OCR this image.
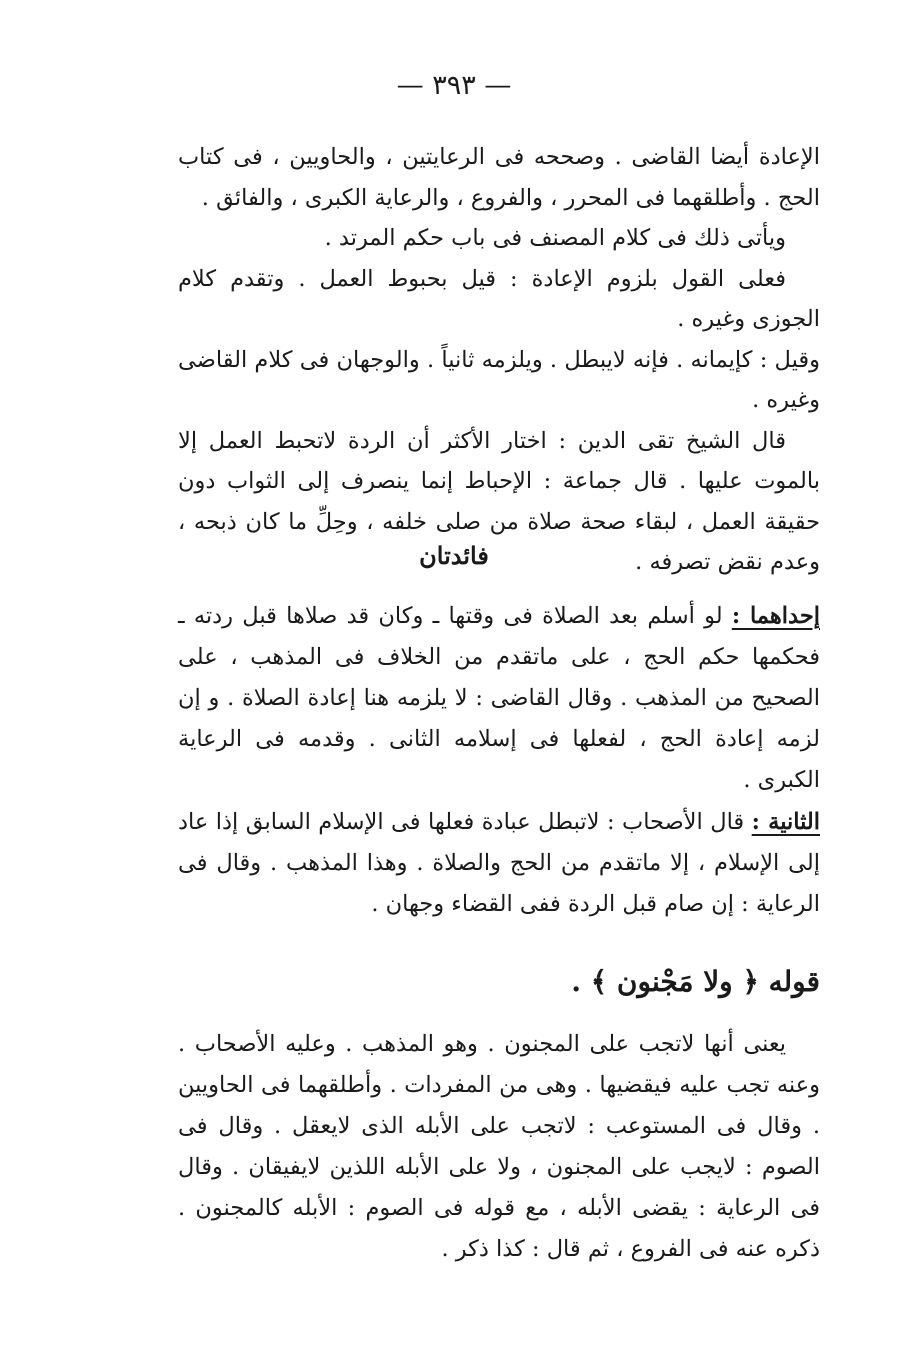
— ٣٩٣ —

الإعادة أيضا القاضى . وصححه فى الرعايتين ، والحاويين ، فى كتاب الحج . وأطلقهما فى المحرر ، والفروع ، والرعاية الكبرى ، والفائق .

ويأتى ذلك فى كلام المصنف فى باب حكم المرتد .

فعلى القول بلزوم الإعادة : قيل بحبوط العمل . وتقدم كلام الجوزى وغيره .

وقيل : كإيمانه . فإنه لايبطل . ويلزمه ثانياً . والوجهان فى كلام القاضى وغيره .

قال الشيخ تقى الدين : اختار الأكثر أن الردة لاتحبط العمل إلا بالموت عليها . قال جماعة : الإحباط إنما ينصرف إلى الثواب دون حقيقة العمل ، لبقاء صحة صلاة من صلى خلفه ، وحِلِّ ما كان ذبحه ، وعدم نقض تصرفه .

فائدتان

إحداهما : لو أسلم بعد الصلاة فى وقتها ـ وكان قد صلاها قبل ردته ـ فحكمها حكم الحج ، على ماتقدم من الخلاف فى المذهب ، على الصحيح من المذهب . وقال القاضى : لا يلزمه هنا إعادة الصلاة . و إن لزمه إعادة الحج ، لفعلها فى إسلامه الثانى . وقدمه فى الرعاية الكبرى .

الثانية : قال الأصحاب : لاتبطل عبادة فعلها فى الإسلام السابق إذا عاد إلى الإسلام ، إلا ماتقدم من الحج والصلاة . وهذا المذهب . وقال فى الرعاية : إن صام قبل الردة ففى القضاء وجهان .

قوله ﴿ ولا مَجْنون ﴾ .

يعنى أنها لاتجب على المجنون . وهو المذهب . وعليه الأصحاب . وعنه تجب عليه فيقضيها . وهى من المفردات . وأطلقهما فى الحاويين . وقال فى المستوعب : لاتجب على الأبله الذى لايعقل . وقال فى الصوم : لايجب على المجنون ، ولا على الأبله اللذين لايفيقان . وقال فى الرعاية : يقضى الأبله ، مع قوله فى الصوم : الأبله كالمجنون . ذكره عنه فى الفروع ، ثم قال : كذا ذكر .
